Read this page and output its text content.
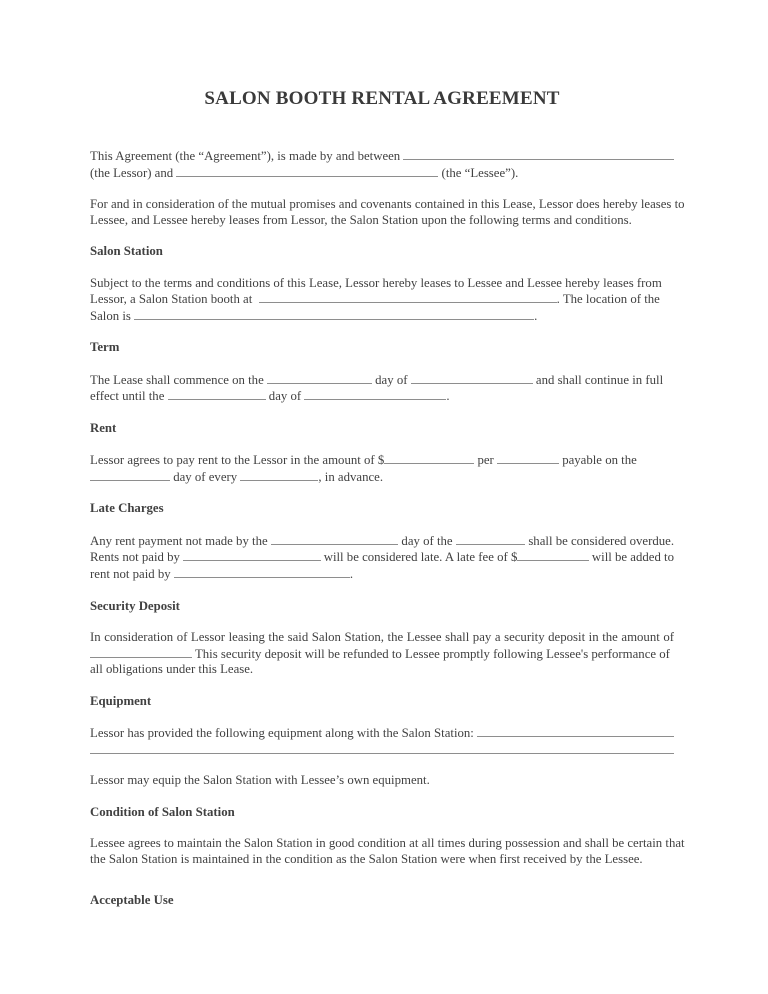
SALON BOOTH RENTAL AGREEMENT
This Agreement (the “Agreement”), is made by and between
(the Lessor) and	(the “Lessee”).
For and in consideration of the mutual promises and covenants contained in this Lease, Lessor does hereby leases to
Lessee, and Lessee hereby leases from Lessor, the Salon Station upon the following terms and conditions.
Salon Station
Subject to the terms and conditions of this Lease, Lessor hereby leases to Lessee and Lessee hereby leases from
Lessor, a Salon Station booth at	. The location of the
Salon is	.
Term
The Lease shall commence on the	day of	and shall continue in full
effect until the	day of	.
Rent
Lessor agrees to pay rent to the Lessor in the amount of $	per	payable on the
day of every	, in advance.
Late Charges
Any rent payment not made by the	day of the	shall be considered overdue.
Rents not paid by	will be considered late. A late fee of $	will be added to
rent not paid by	.
Security Deposit
In consideration of Lessor leasing the said Salon Station, the Lessee shall pay a security deposit in the amount of
This security deposit will be refunded to Lessee promptly following Lessee's performance of
all obligations under this Lease.
Equipment
Lessor has provided the following equipment along with the Salon Station:
Lessor may equip the Salon Station with Lessee’s own equipment.
Condition of Salon Station
Lessee agrees to maintain the Salon Station in good condition at all times during possession and shall be certain that
the Salon Station is maintained in the condition as the Salon Station were when first received by the Lessee.
Acceptable Use
